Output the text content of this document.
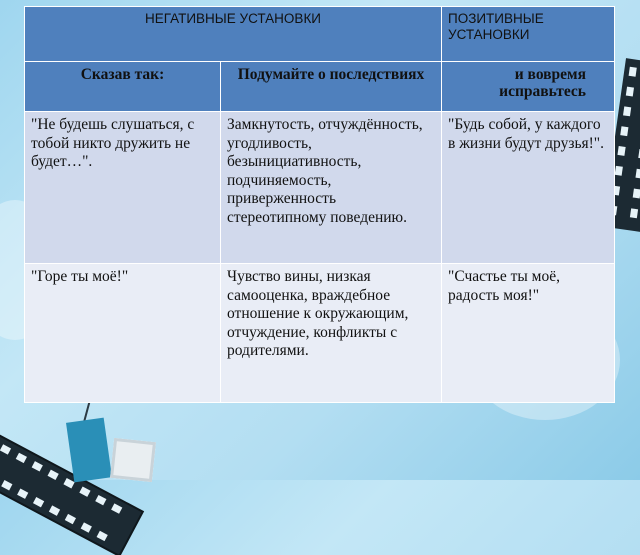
НЕГАТИВНЫЕ УСТАНОВКИ		ПОЗИТИВНЫЕ УСТАНОВКИ
Сказав так:	Подумайте о последствиях	и вовремя исправьтесь
"Не будешь слушаться, с тобой никто дружить не будет…".	Замкнутость, отчуждённость, угодливость, безынициативность, подчиняемость, приверженность стереотипному поведению.	"Будь собой, у каждого в жизни будут друзья!".
"Горе ты моё!"	Чувство вины, низкая самооценка, враждебное отношение к окружающим, отчуждение, конфликты с родителями.	"Счастье ты моё, радость моя!"
